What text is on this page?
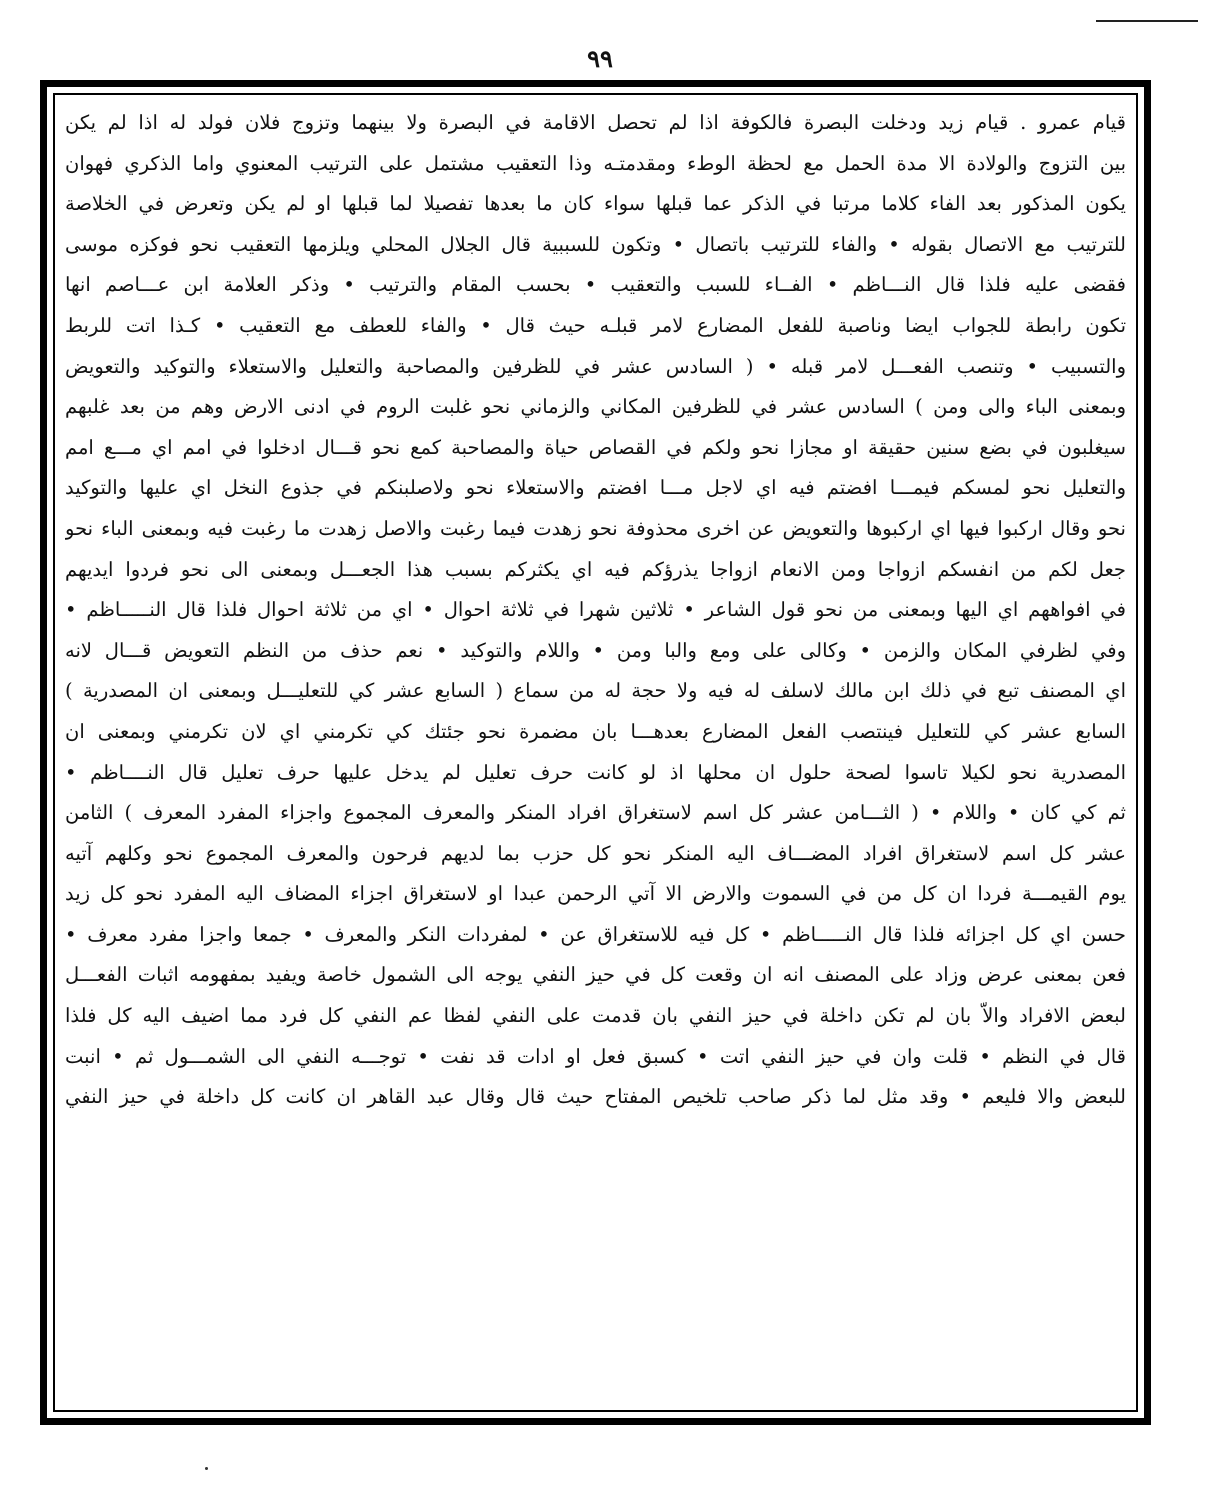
٩٩
قيام عمرو . قيام زيد ودخلت البصرة فالكوفة اذا لم تحصل الاقامة في البصرة ولا بينهما وتزوج فلان فولد له اذا لم يكن
بين التزوج والولادة الا مدة الحمل مع لحظة الوطء ومقدمتـه وذا التعقيب مشتمل على الترتيب المعنوي واما الذكري فهوان
يكون المذكور بعد الفاء كلاما مرتبا في الذكر عما قبلها سواء كان ما بعدها تفصيلا لما قبلها او لم يكن وتعرض في الخلاصة
للترتيب مع الاتصال بقوله • والفاء للترتيب باتصال • وتكون للسببية قال الجلال المحلي ويلزمها التعقيب نحو فوكزه موسى
فقضى عليه فلذا قال النـــاظم • الفــاء للسبب والتعقيب • بحسب المقام والترتيب • وذكر العلامة ابن عـــاصم انها
تكون رابطة للجواب ايضا وناصبة للفعل المضارع لامر قبلـه حيث قال • والفاء للعطف مع التعقيب • كـذا اتت للربط
والتسبيب • وتنصب الفعـــل لامر قبله • ( السادس عشر في للظرفين والمصاحبة والتعليل والاستعلاء والتوكيد والتعويض
وبمعنى الباء والى ومن ) السادس عشر في للظرفين المكاني والزماني نحو غلبت الروم في ادنى الارض وهم من بعد غلبهم
سيغلبون في بضع سنين حقيقة او مجازا نحو ولكم في القصاص حياة والمصاحبة كمع نحو قـــال ادخلوا في امم اي مـــع امم
والتعليل نحو لمسكم فيمـــا افضتم فيه اي لاجل مـــا افضتم والاستعلاء نحو ولاصلبنكم في جذوع النخل اي عليها والتوكيد
نحو وقال اركبوا فيها اي اركبوها والتعويض عن اخرى محذوفة نحو زهدت فيما رغبت والاصل زهدت ما رغبت فيه وبمعنى الباء نحو
جعل لكم من انفسكم ازواجا ومن الانعام ازواجا يذرؤكم فيه اي يكثركم بسبب هذا الجعـــل وبمعنى الى نحو فردوا ايديهم
في افواههم اي اليها وبمعنى من نحو قول الشاعر • ثلاثين شهرا في ثلاثة احوال • اي من ثلاثة احوال فلذا قال النـــــاظم •
وفي لظرفي المكان والزمن • وكالى على ومع والبا ومن • واللام والتوكيد • نعم حذف من النظم التعويض قـــال لانه
اي المصنف تبع في ذلك ابن مالك لاسلف له فيه ولا حجة له من سماع ( السابع عشر كي للتعليـــل وبمعنى ان المصدرية )
السابع عشر كي للتعليل فينتصب الفعل المضارع بعدهـــا بان مضمرة نحو جئتك كي تكرمني اي لان تكرمني وبمعنى ان
المصدرية نحو لكيلا تاسوا لصحة حلول ان محلها اذ لو كانت حرف تعليل لم يدخل عليها حرف تعليل قال النــــاظم •
ثم كي كان • واللام • ( الثـــامن عشر كل اسم لاستغراق افراد المنكر والمعرف المجموع واجزاء المفرد المعرف ) الثامن
عشر كل اسم لاستغراق افراد المضـــاف اليه المنكر نحو كل حزب بما لديهم فرحون والمعرف المجموع نحو وكلهم آتيه
يوم القيمـــة فردا ان كل من في السموت والارض الا آتي الرحمن عبدا او لاستغراق اجزاء المضاف اليه المفرد نحو كل زيد
حسن اي كل اجزائه فلذا قال النـــــاظم • كل فيه للاستغراق عن • لمفردات النكر والمعرف • جمعا واجزا مفرد معرف •
فعن بمعنى عرض وزاد على المصنف انه ان وقعت كل في حيز النفي يوجه الى الشمول خاصة ويفيد بمفهومه اثبات الفعـــل
لبعض الافراد والاّ بان لم تكن داخلة في حيز النفي بان قدمت على النفي لفظا عم النفي كل فرد مما اضيف اليه كل فلذا
قال في النظم • قلت وان في حيز النفي اتت • كسبق فعل او ادات قد نفت • توجـــه النفي الى الشمـــول ثم • انبت
للبعض والا فليعم • وقد مثل لما ذكر صاحب تلخيص المفتاح حيث قال وقال عبد القاهر ان كانت كل داخلة في حيز النفي
